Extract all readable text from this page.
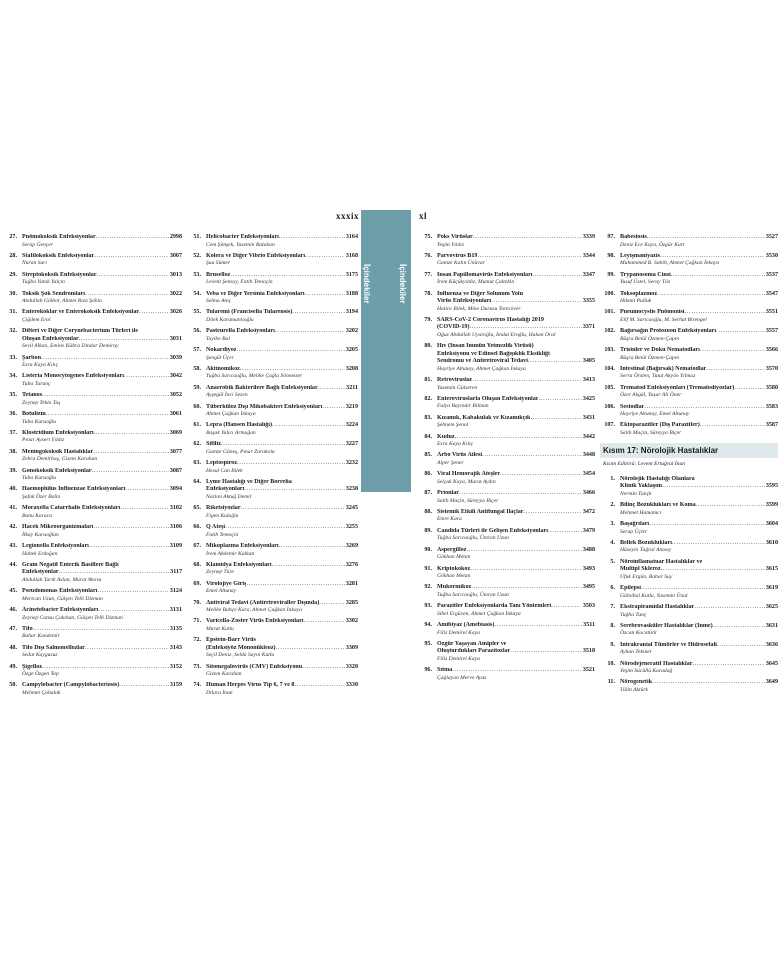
xxxix	xl
İçindekiler	İçindekiler
27. Pnömokoksik Enfeksiyonlar .....	2998
Serap Gençer
28. Stafilokoksik Enfeksiyonlar .....	3007
Nuran Sarı
29. Streptokoksik Enfeksiyonlar .....	3013
Tuğba Yanık Yalçın
30. Toksik Şok Sendromları .....	3022
Abdullah Gölbol, Ahmet Rıza Şahin
31. Enterokoklar ve Enterokoksik Enfeksiyonlar .....	3026
Çiğdem Erol
32. Difteri ve Diğer Corynebacterium Türleri ile
Oluşan Enfeksiyonlar .....	3031
Sevil Alkan, Emine Kübra Dindar Demiray
33. Şarbon .....	3039
Esra Kaya Kılıç
34. Listeria Monocytogenes Enfeksiyonları .....	3042
Tuba Turunç
35. Tetanos .....	3052
Zeynep Tekin Taş
36. Botulizm .....	3061
Tuba Kuruoğlu
37. Klostridium Enfeksiyonları .....	3069
Pınar Aysert Yıldız
38. Meningokoksik Hastalıklar .....	3077
Zehra Demirbaş, Gizem Karahan
39. Gonokoksik Enfeksiyonlar .....	3087
Tuba Kuruoğlu
40. Haemophilus Influenzae Enfeksiyonları .....	3094
Şafak Özer Balin
41. Moraxella Catarrhalis Enfeksiyonları .....	3102
Banu Karaca
42. Hacek Mikroorganizmaları .....	3106
İlkay Karaoğlan
43. Legionella Enfeksiyonları .....	3109
Habek Erdoğan
44. Gram Negatif Enterik Basillere Bağlı
Enfeksiyonlar .....	3117
Abdullah Tarık Aslan, Murat Akova
45. Pseudomonas Enfeksiyonları .....	3124
Mertcan Uzun, Gülşen Telli Dizman
46. Acinetobacter Enfeksiyonları .....	3131
Zeynep Cansu Çakıhan, Gülşen Telli Dizman
47. Tifo .....	3135
Bahar Kandemir
48. Tifo Dışı Salmonellozlar .....	3143
Sedat Kaygusuz
49. Şigelloz .....	3152
Özge Özgen Top
50. Campylobacter (Campylobacteriosis) .....	3159
Mehmet Çabalak
51. Helicobacter Enfeksiyonları .....	3164
Cem Şimşek, Yasemin Balaban
52. Kolera ve Diğer Vibrio Enfeksiyonları .....	3168
Şua Sümer
53. Bruselloz .....	3175
Levent Şensoy, Fatih Temoçin
54. Veba ve Diğer Yersinia Enfeksiyonları .....	3188
Selma Ateş
55. Tularemi (Francisella Tularensis) .....	3194
Dilek Karamanlıoğlu
56. Pasteurella Enfeksiyonları .....	3202
Tayibe Bal
57. Nokardiyoz .....	3205
Şengül Üçer
58. Aktinomikoz .....	3208
Tuğba Sarıcaoğlu, Melike Çağla Sönmezer
59. Anaerobik Bakterilere Bağlı Enfeksiyonlar .....	3211
Ayşegül İnci Sezen
60. Tüberküloz Dışı Mikobakteri Enfeksiyonları .....	3219
Ahmet Çağkan İnkaya
61. Lepra (Hansen Hastalığı) .....	3224
Başak Yalıcı Armağan
62. Sifiliz .....	3227
Gamze Güneş, Pınar Zarakolu
63. Leptospiroz .....	3232
Hesul Can Bilek
64. Lyme Hastalığı ve Diğer Borrelia
Enfeksiyonları .....	3238
Nazlım Aktuğ Demir
65. Riketsiyozlar .....	3245
Figen Kuloğlu
66. Q Ateşi .....	3255
Fatih Temoçin
67. Mikoplazma Enfeksiyonları .....	3269
İrem Akdemir Kalkan
68. Klamidya Enfeksiyonları .....	3276
Zeynep Türe
69. Virolojiye Giriş .....	3281
Emel Altunay
70. Antiviral Tedavi (Antiretroviraller Dışında) .....	3285
Melike Bahçe Kara, Ahmet Çağkan İnkaya
71. Varicella-Zoster Virüs Enfeksiyonları .....	3302
Murat Kutlu
72. Epstein-Barr Virüs
(Enfeksiyöz Mononükleoz) .....	3309
Seçil Deniz, Selda Sayın Kutlu
73. Sitomegalovirüs (CMV) Enfeksiyonu .....	3320
Gizem Karahan
74. Human Herpes Virus Tip 6, 7 ve 8 .....	3330
Dilara İnan
75. Poks Virüslar .....	3339
Yeşim Yıldız
76. Parvovirus B19 .....	3344
Gamze Kalın Ünüvar
77. İnsan Papillomavirüs Enfeksiyonları .....	3347
İrem Küçükyıldız, Mumut Çaltekin
78. İnfluenza ve Diğer Solunum Yolu
Virüs Enfeksiyonları .....	3355
Hatice Bilek, Mine Durusu Tanrıöver
79. SARS-CoV-2 Coronavirus Hastalığı 2019
(COVID-19) .....	3371
Oğuz Abdullah Uyaroğlu, İmdat Eroğlu, Hakan Oral
80. Hıv (İnsan İmmün Yetmezlik Virüsü)
Enfeksiyonu ve Edinsel Bağışıklık Eksikliği
Sendromu ve Antiretroviral Tedavi .....	3405
Hayriye Altunay, Ahmet Çağkan İnkaya
81. Retroviruslar .....	3413
Yasemin Gülseren
82. Enteroviruslarla Oluşan Enfeksiyonlar .....	3425
Fulya Bayındır Bilman
83. Kızamık, Kabakulak ve Kızamıkçık .....	3431
Şebnem Şenol
84. Kuduz .....	3442
Esra Kaya Kılıç
85. Arbo Virüs Ailesi .....	3448
Alper Şener
86. Viral Hemorajik Ateşler .....	3454
Selçuk Kaya, Murat Aydın
87. Prionlar .....	3466
Salih Maçin, Süreyya Biçer
88. Sistemik Etkili Antifungal İlaçlar .....	3472
Emre Kara
89. Candida Türleri ile Gelişen Enfeksiyonları .....	3479
Tuğba Sarıcaoğlu, Ümran Uzun
90. Aspergilloz .....	3488
Gökhan Metan
91. Kriptokokoz .....	3493
Gökhan Metan
92. Mukormikoz .....	3495
Tuğba Sarıcaoğlu, Ümran Uzun
93. Parazitler Enfeksiyonlarda Tanı Yöntemleri .....	3503
Sibel Ergüven, Ahmet Çağkan İnkaya
94. Amibiyaz (Amebiasis) .....	3511
Filiz Demirel Kaya
95. Özgür Yaşayan Amipler ve
Oluşturdukları Parazitozlar .....	3518
Filiz Demirel Kaya
96. Sıtma .....	3521
Çağlayan Merve Ayaz
97. Babesiosis .....	3527
Deniz Ece Kaya, Özgür Kurt
98. Leyişmaniyazis .....	3530
Muhammed B. Sabih, Ahmet Çağkan İnkaya
99. Trypanosoma Cinsi .....	3537
Yusuf Üstel, Seray Töz
100. Toksoplazmoz .....	3547
Hikmit Pulluk
101. Pneumocystis Pnömonisi .....	3551
Elif M. Sarıcaoğlu, M. Serhat Birengel
102. Bağırsağın Protozoon Enfeksiyonları .....	3557
Büşra Betül Özmen-Çapın
103. Trisinler ve Doku Nematodları .....	3566
Büşra Betül Özmen-Çapın
104. İntestinal (Bağırsak) Nematodlar .....	3570
Serra Örsten, Tutut Akyön Yılmaz
105. Trematod Enfeksiyonları (Trematodiyozlar) .....	3580
Özer Akgül, Yaşar Ali Öner
106. Sestodlar .....	3583
Hayriye Altunay, Emel Altunay
107. Ektoparazitler (Dış Parazitler) .....	3587
Salih Maçin, Süreyya Biçer
Kısım 17: Nörolojik Hastalıklar
Kısım Editörü: Levent Ertuğrul İnan
1. Nörolojik Hastalığı Olanlara
Klinik Yaklaşım .....	3595
Nermin Tunçk
2. Bilinç Bozuklukları ve Koma .....	3599
Mehmet Hamamcı
3. Başağrıları .....	3604
Serap Üçler
4. Bellek Bozuklukları .....	3610
Hüseyin Tuğrul Atasoy
5. Nöroinflamatuar Hastalıklar ve
Multipl Skleroz .....	3615
Ufuk Ergün, Bahar Say
6. Epilepsi .....	3619
Gülnihal Kutlu, Yasemin Ünal
7. Ekstrapiramidal Hastalıklar .....	3625
Tuğba Tunç
8. Serebrovasküler Hastalıklar (İnme) .....	3631
Özcan Kocatürk
9. İntrakranial Tümörler ve Hidrosefali .....	3636
Ayhan Tekiner
10. Nörodejeneratif Hastalıklar .....	3645
Yeşim Sücüllü Karadağ
11. Nörogenetik .....	3649
Tülin Aktürk
